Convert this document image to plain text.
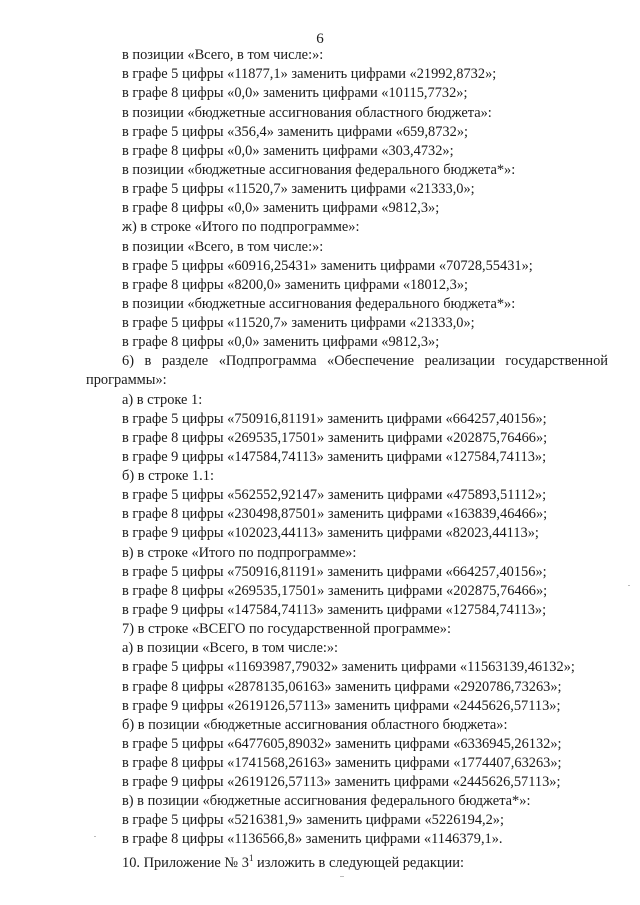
6
в позиции «Всего, в том числе:»:
в графе 5 цифры «11877,1» заменить цифрами «21992,8732»;
в графе 8 цифры «0,0» заменить цифрами «10115,7732»;
в позиции «бюджетные ассигнования областного бюджета»:
в графе 5 цифры «356,4» заменить цифрами «659,8732»;
в графе 8 цифры «0,0» заменить цифрами «303,4732»;
в позиции «бюджетные ассигнования федерального бюджета*»:
в графе 5 цифры «11520,7» заменить цифрами «21333,0»;
в графе 8 цифры «0,0» заменить цифрами «9812,3»;
ж) в строке «Итого по подпрограмме»:
в позиции «Всего, в том числе:»:
в графе 5 цифры «60916,25431» заменить цифрами «70728,55431»;
в графе 8 цифры «8200,0» заменить цифрами «18012,3»;
в позиции «бюджетные ассигнования федерального бюджета*»:
в графе 5 цифры «11520,7» заменить цифрами «21333,0»;
в графе 8 цифры «0,0» заменить цифрами «9812,3»;
6) в разделе «Подпрограмма «Обеспечение реализации государственной
программы»:
а) в строке 1:
в графе 5 цифры «750916,81191» заменить цифрами «664257,40156»;
в графе 8 цифры «269535,17501» заменить цифрами «202875,76466»;
в графе 9 цифры «147584,74113» заменить цифрами «127584,74113»;
б) в строке 1.1:
в графе 5 цифры «562552,92147» заменить цифрами «475893,51112»;
в графе 8 цифры «230498,87501» заменить цифрами «163839,46466»;
в графе 9 цифры «102023,44113» заменить цифрами «82023,44113»;
в) в строке «Итого по подпрограмме»:
в графе 5 цифры «750916,81191» заменить цифрами «664257,40156»;
в графе 8 цифры «269535,17501» заменить цифрами «202875,76466»;
в графе 9 цифры «147584,74113» заменить цифрами «127584,74113»;
7) в строке «ВСЕГО по государственной программе»:
а) в позиции «Всего, в том числе:»:
в графе 5 цифры «11693987,79032» заменить цифрами «11563139,46132»;
в графе 8 цифры «2878135,06163» заменить цифрами «2920786,73263»;
в графе 9 цифры «2619126,57113» заменить цифрами «2445626,57113»;
б) в позиции «бюджетные ассигнования областного бюджета»:
в графе 5 цифры «6477605,89032» заменить цифрами «6336945,26132»;
в графе 8 цифры «1741568,26163» заменить цифрами «1774407,63263»;
в графе 9 цифры «2619126,57113» заменить цифрами «2445626,57113»;
в) в позиции «бюджетные ассигнования федерального бюджета*»:
в графе 5 цифры «5216381,9» заменить цифрами «5226194,2»;
в графе 8 цифры «1136566,8» заменить цифрами «1146379,1».
10. Приложение № $3^1$ изложить в следующей редакции:
